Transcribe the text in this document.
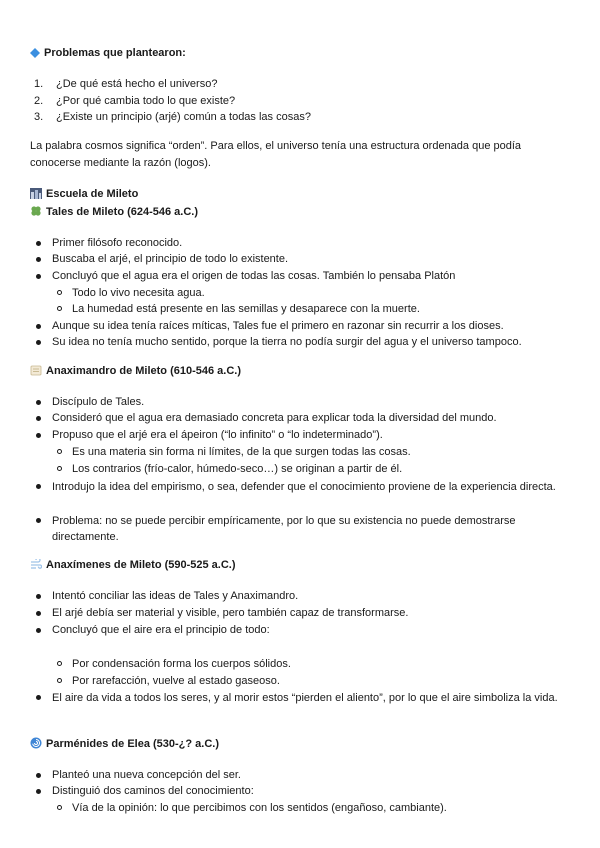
Problemas que plantearon:
1.	¿De qué está hecho el universo?
2.	¿Por qué cambia todo lo que existe?
3.	¿Existe un principio (arjé) común a todas las cosas?
La palabra cosmos significa “orden”. Para ellos, el universo tenía una estructura ordenada que podía conocerse mediante la razón (logos).
Escuela de Mileto
Tales de Mileto (624-546 a.C.)
Primer filósofo reconocido.
Buscaba el arjé, el principio de todo lo existente.
Concluyó que el agua era el origen de todas las cosas. También lo pensaba Platón
Todo lo vivo necesita agua.
La humedad está presente en las semillas y desaparece con la muerte.
Aunque su idea tenía raíces míticas, Tales fue el primero en razonar sin recurrir a los dioses.
Su idea no tenía mucho sentido, porque la tierra no podía surgir del agua y el universo tampoco.
Anaximandro de Mileto (610-546 a.C.)
Discípulo de Tales.
Consideró que el agua era demasiado concreta para explicar toda la diversidad del mundo.
Propuso que el arjé era el ápeiron (“lo infinito” o “lo indeterminado”).
Es una materia sin forma ni límites, de la que surgen todas las cosas.
Los contrarios (frío-calor, húmedo-seco…) se originan a partir de él.
Introdujo la idea del empirismo, o sea, defender que el conocimiento proviene de la experiencia directa.
Problema: no se puede percibir empíricamente, por lo que su existencia no puede demostrarse directamente.
Anaxímenes de Mileto (590-525 a.C.)
Intentó conciliar las ideas de Tales y Anaximandro.
El arjé debía ser material y visible, pero también capaz de transformarse.
Concluyó que el aire era el principio de todo:
Por condensación forma los cuerpos sólidos.
Por rarefacción, vuelve al estado gaseoso.
El aire da vida a todos los seres, y al morir estos “pierden el aliento”, por lo que el aire simboliza la vida.
Parménides de Elea (530-¿? a.C.)
Planteó una nueva concepción del ser.
Distinguió dos caminos del conocimiento:
Vía de la opinión: lo que percibimos con los sentidos (engañoso, cambiante).
